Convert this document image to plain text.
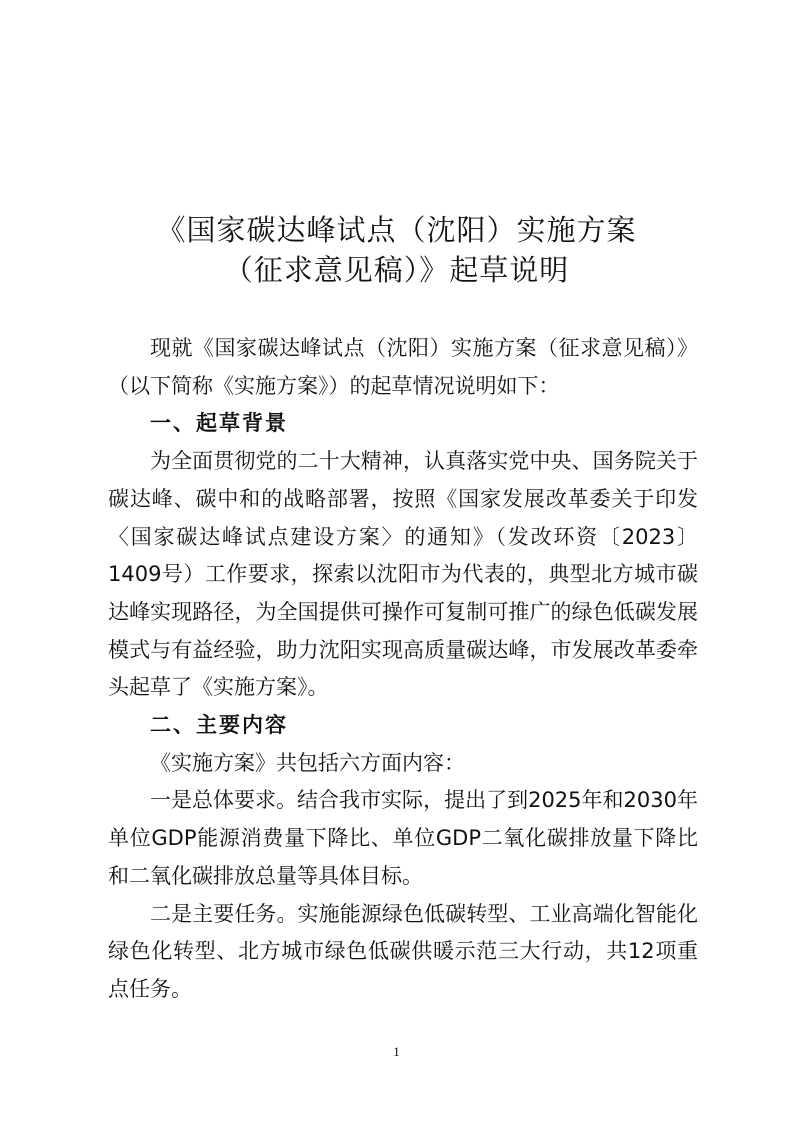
《国家碳达峰试点（沈阳）实施方案
（征求意见稿）》起草说明

现就《国家碳达峰试点（沈阳）实施方案（征求意见稿）》（以下简称《实施方案》）的起草情况说明如下：

一、起草背景

为全面贯彻党的二十大精神，认真落实党中央、国务院关于碳达峰、碳中和的战略部署，按照《国家发展改革委关于印发〈国家碳达峰试点建设方案〉的通知》（发改环资〔2023〕1409号）工作要求，探索以沈阳市为代表的，典型北方城市碳达峰实现路径，为全国提供可操作可复制可推广的绿色低碳发展模式与有益经验，助力沈阳实现高质量碳达峰，市发展改革委牵头起草了《实施方案》。

二、主要内容

《实施方案》共包括六方面内容：

一是总体要求。结合我市实际，提出了到2025年和2030年单位GDP能源消费量下降比、单位GDP二氧化碳排放量下降比和二氧化碳排放总量等具体目标。

二是主要任务。实施能源绿色低碳转型、工业高端化智能化绿色化转型、北方城市绿色低碳供暖示范三大行动，共12项重点任务。

1
